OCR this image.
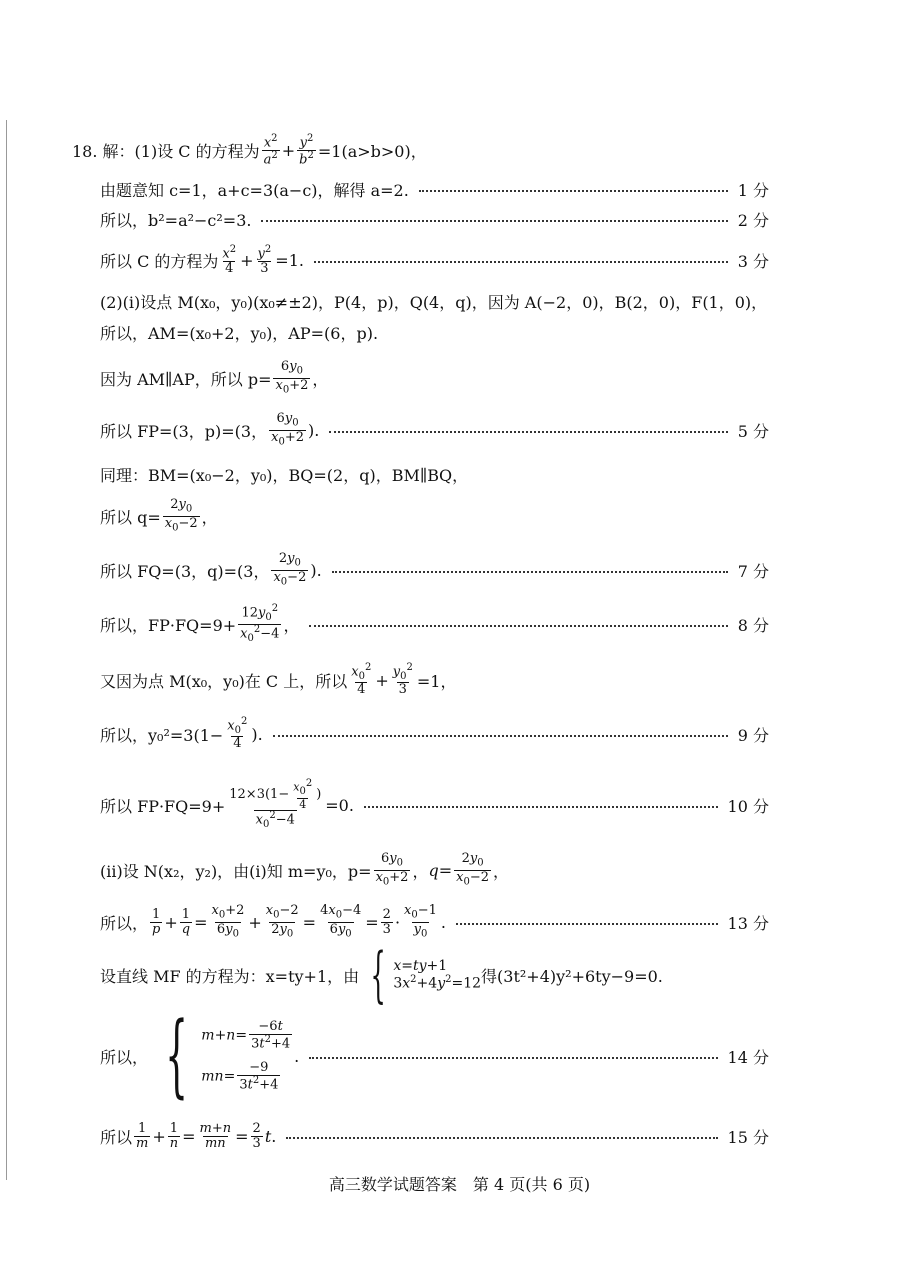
18. 解：(1)设 C 的方程为 $\frac{x^2}{a^2} + \frac{y^2}{b^2} =1(a>b>0)$，
由题意知 c=1，a+c=3(a−c)，解得 a=2.	1 分
所以，b²=a²−c²=3.	2 分
所以 C 的方程为 $\frac{x^2}{4} + \frac{y^2}{3} =1$.	3 分
(2)(i)设点 M(x₀，y₀)(x₀≠±2)，P(4，p)，Q(4，q)，因为 A(−2，0)，B(2，0)，F(1，0)，
所以，AM=(x₀+2，y₀)，AP=(6，p).
因为 AM∥AP，所以 $p= \frac{6y_0}{x_0+2}$ ，
所以 FP=(3，p)=(3， $\frac{6y_0}{x_0+2}$ ).	5 分
同理：BM=(x₀−2，y₀)，BQ=(2，q)，BM∥BQ，
所以 $q= \frac{2y_0}{x_0-2}$ ，
所以 FQ=(3，q)=(3， $\frac{2y_0}{x_0-2}$ ).	7 分
所以，$FP\cdot FQ=9+ \frac{12y_0^2}{x_0^2-4}$ ，	8 分
又因为点 M(x₀，y₀)在 C 上，所以 $\frac{x_0^2}{4} + \frac{y_0^2}{3} =1$，
所以，$y_0^2=3(1- \frac{x_0^2}{4}$ ).	9 分
所以 $FP\cdot FQ=9+ \frac{12\times 3(1- \frac{x_0^2}{4} )}{x_0^2-4} =0$.	10 分
(ii)设 N(x₂，y₂)，由(i)知 m=y₀，$p= \frac{6y_0}{x_0+2}$ ， $q = \frac{2y_0}{x_0-2}$ ，
所以， $\frac{1}{p} + \frac{1}{q} = \frac{x_0+2}{6y_0} + \frac{x_0-2}{2y_0} = \frac{4x_0-4}{6y_0} = \frac{2}{3} \cdot \frac{x_0-1}{y_0}$ .	13 分
设直线 MF 的方程为：x=ty+1，由 { x=ty+1
$3x^2+4y^2=12$ 得(3t²+4)y²+6ty−9=0.
所以， { $m+n= \frac{-6t}{3t^2+4}$
$mn= \frac{-9}{3t^2+4}$
.	14 分
所以 $\frac{1}{m} + \frac{1}{n} = \frac{m+n}{mn} = \frac{2}{3}$ t .	15 分
高三数学试题答案　第 4 页(共 6 页)
